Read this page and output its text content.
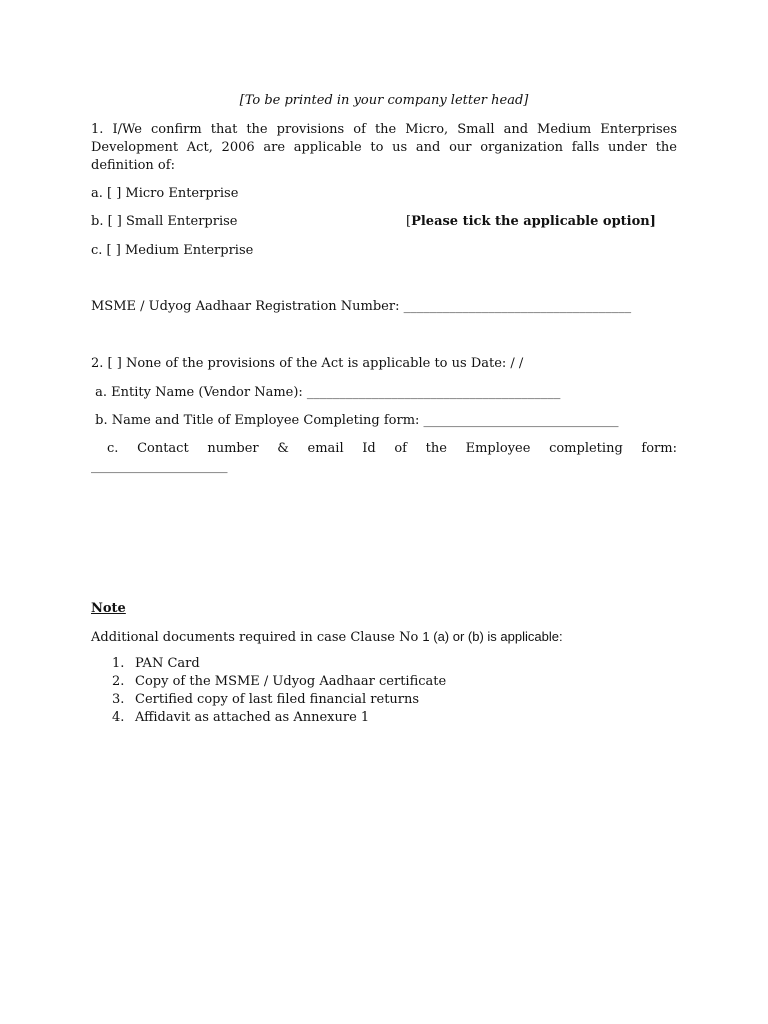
[To be printed in your company letter head]
1. I/We confirm that the provisions of the Micro, Small and Medium Enterprises Development Act, 2006 are applicable to us and our organization falls under the definition of:
a. [ ] Micro Enterprise
b. [ ] Small Enterprise	[Please tick the applicable option]
c. [ ] Medium Enterprise
MSME / Udyog Aadhaar Registration Number: ___________________________________
2. [ ] None of the provisions of the Act is applicable to us Date: / /
a. Entity Name (Vendor Name): _______________________________________
b. Name and Title of Employee Completing form: ______________________________
c. Contact number & email Id of the Employee completing form:
_____________________
Note
Additional documents required in case Clause No 1 (a) or (b) is applicable:
1. PAN Card
2. Copy of the MSME / Udyog Aadhaar certificate
3. Certified copy of last filed financial returns
4. Affidavit as attached as Annexure 1
